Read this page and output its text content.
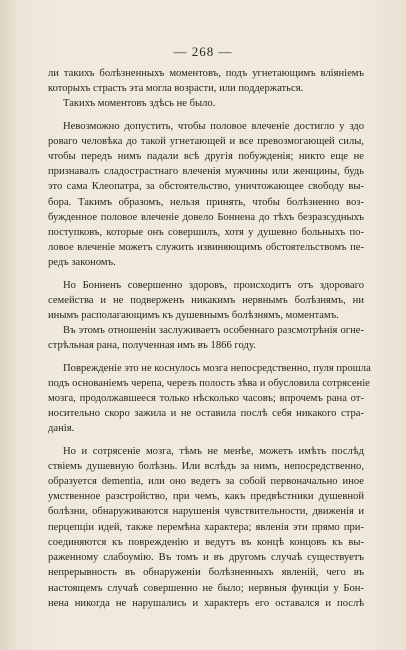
— 268 —
ли такихъ болѣзненныхъ моментовъ, подъ угнетающимъ вліяніемъ
которыхъ страсть эта могла возрасти, или поддержаться.
Такихъ моментовъ здѣсь не было.
Невозможно допустить, чтобы половое влеченіе достигло у здо
роваго человѣка до такой угнетающей и все превозмогающей силы,
чтобы передъ нимъ падали всѣ другія побужденія; никто еще не
признавалъ сладострастнаго влеченія мужчины или женщины, будь
это сама Клеопатра, за обстоятельство, уничтожающее свободу вы-
бора. Такимъ образомъ, нельзя принять, чтобы болѣзненно воз-
бужденное половое влеченіе довело Боннена до тѣхъ безразсудныхъ
поступковъ, которые онъ совершилъ, хотя у душевно больныхъ по-
ловое влеченіе можетъ служить извиняющимъ обстоятельствомъ пе-
редъ закономъ.
Но Бонненъ совершенно здоровъ, происходитъ отъ здороваго
семейства и не подверженъ никакимъ нервнымъ болѣзнямъ, ни
инымъ располагающимъ къ душевнымъ болѣзнямъ, моментамъ.
Въ этомъ отношеніи заслуживаетъ особеннаго разсмотрѣнія огне-
стрѣльная рана, полученная имъ въ 1866 году.
Поврежденіе это не коснулось мозга непосредственно, пуля прошла
подъ основаніемъ черепа, черезъ полость зѣва и обусловила сотрясеніе
мозга, продолжавшееся только нѣсколько часовъ; впрочемъ рана от-
носительно скоро зажила и не оставила послѣ себя никакого стра-
данія.
Но и сотрясеніе мозга, тѣмъ не менѣе, можетъ имѣть послѣд
ствіемъ душевную болѣзнь. Или вслѣдъ за нимъ, непосредственно,
образуется dementia, или оно ведетъ за собой первоначально иное
умственное разстройство, при чемъ, какъ предвѣстники душевной
болѣзни, обнаруживаются нарушенія чувствительности, движенія и
перцепціи идей, также перемѣна характера; явленія эти прямо при-
соединяются къ поврежденію и ведутъ въ концѣ концовъ къ вы-
раженному слабоумію. Въ томъ и въ другомъ случаѣ существуетъ
непрерывность въ обнаруженіи болѣзненныхъ явленій, чего въ
настоящемъ случаѣ совершенно не было; нервныя функціи у Бон-
нена никогда не нарушались и характеръ его оставался и послѣ
